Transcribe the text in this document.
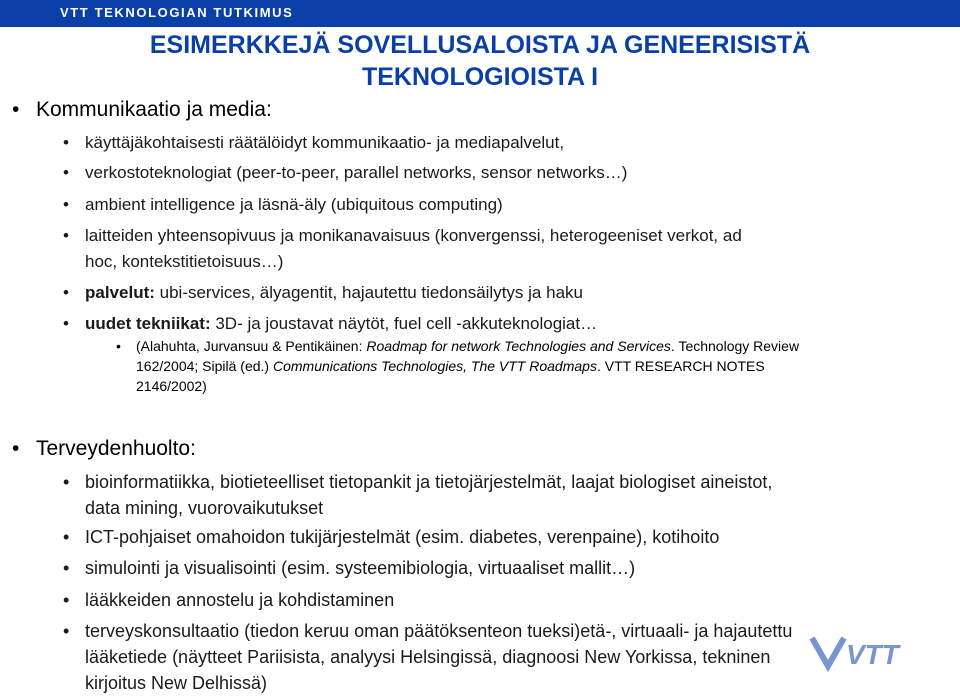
VTT TEKNOLOGIAN TUTKIMUS
ESIMERKKEJÄ SOVELLUSALOISTA JA GENEERISISTÄ
TEKNOLOGIOISTA I
• Kommunikaatio ja media:
• käyttäjäkohtaisesti räätälöidyt kommunikaatio- ja mediapalvelut,
• verkostoteknologiat (peer-to-peer, parallel networks, sensor networks…)
• ambient intelligence ja läsnä-äly (ubiquitous computing)
• laitteiden yhteensopivuus ja monikanavaisuus (konvergenssi, heterogeeniset verkot, ad
hoc, kontekstitietoisuus…)
• palvelut: ubi-services, älyagentit, hajautettu tiedonsäilytys ja haku
• uudet tekniikat: 3D- ja joustavat näytöt, fuel cell -akkuteknologiat…
• (Alahuhta, Jurvansuu & Pentikäinen: Roadmap for network Technologies and Services. Technology Review
162/2004; Sipilä (ed.) Communications Technologies, The VTT Roadmaps. VTT RESEARCH NOTES
2146/2002)
• Terveydenhuolto:
• bioinformatiikka, biotieteelliset tietopankit ja tietojärjestelmät, laajat biologiset aineistot,
data mining, vuorovaikutukset
• ICT-pohjaiset omahoidon tukijärjestelmät (esim. diabetes, verenpaine), kotihoito
• simulointi ja visualisointi (esim. systeemibiologia, virtuaaliset mallit…)
• lääkkeiden annostelu ja kohdistaminen
• terveyskonsultaatio (tiedon keruu oman päätöksenteon tueksi)etä-, virtuaali- ja hajautettu
lääketiede (näytteet Pariisista, analyysi Helsingissä, diagnoosi New Yorkissa, tekninen
kirjoitus New Delhissä)
VTT
